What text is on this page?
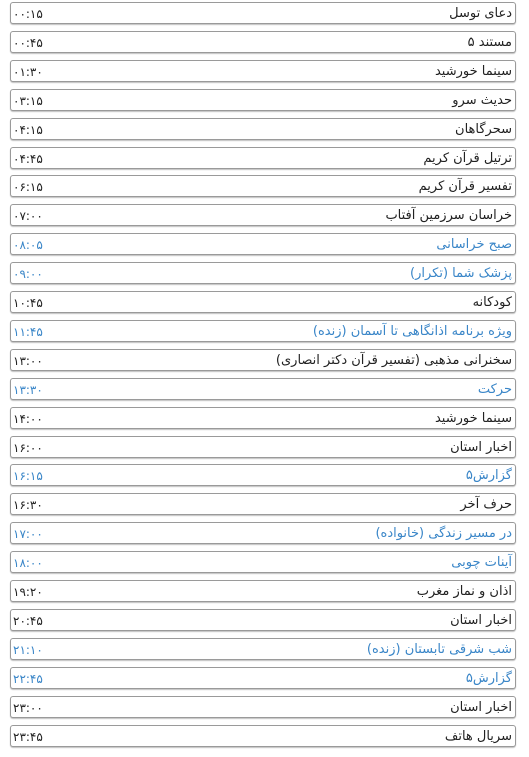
۰۰:۱۵	دعای توسل
۰۰:۴۵	مستند ۵
۰۱:۳۰	سینما خورشید
۰۳:۱۵	حدیث سرو
۰۴:۱۵	سحرگاهان
۰۴:۴۵	ترتیل قرآن کریم
۰۶:۱۵	تفسیر قرآن کریم
۰۷:۰۰	خراسان سرزمین آفتاب
۰۸:۰۵	صبح خراسانی
۰۹:۰۰	پزشک شما (تکرار)
۱۰:۴۵	کودکانه
۱۱:۴۵	ویژه برنامه اذانگاهی تا آسمان (زنده)
۱۳:۰۰	سخنرانی مذهبی (تفسیر قرآن دکتر انصاری)
۱۳:۳۰	حرکت
۱۴:۰۰	سینما خورشید
۱۶:۰۰	اخبار استان
۱۶:۱۵	گزارش۵
۱۶:۳۰	حرف آخر
۱۷:۰۰	در مسیر زندگی (خانواده)
۱۸:۰۰	آینات چوبی
۱۹:۲۰	اذان و نماز مغرب
۲۰:۴۵	اخبار استان
۲۱:۱۰	شب شرقی تابستان (زنده)
۲۲:۴۵	گزارش۵
۲۳:۰۰	اخبار استان
۲۳:۴۵	سریال هاتف
